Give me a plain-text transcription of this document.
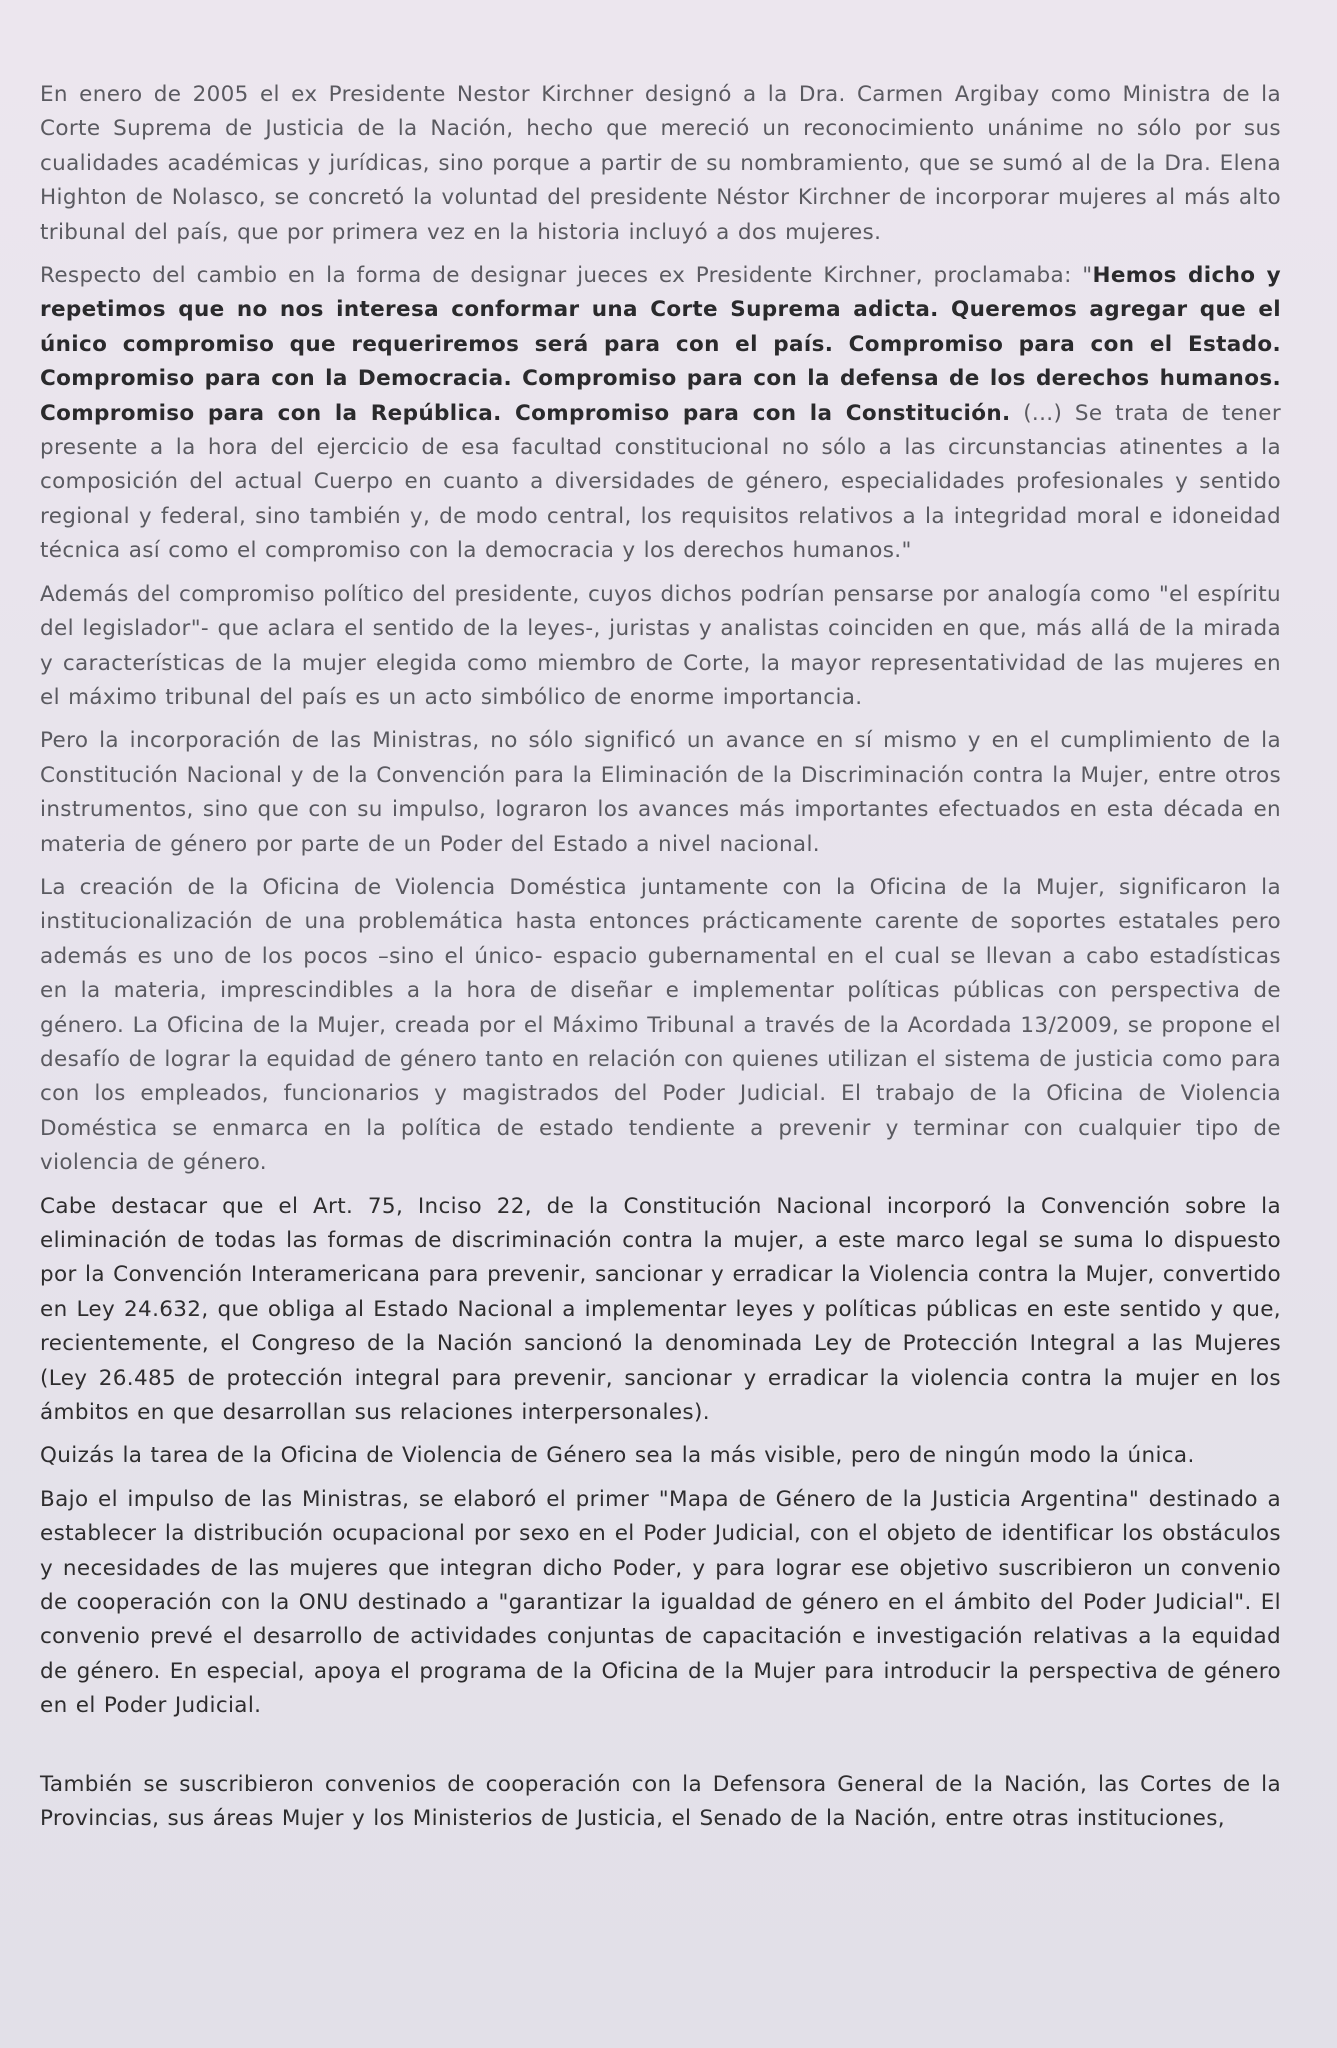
En enero de 2005 el ex Presidente Nestor Kirchner designó a la Dra. Carmen Argibay como Ministra de la Corte Suprema de Justicia de la Nación, hecho que mereció un reconocimiento unánime no sólo por sus cualidades académicas y jurídicas, sino porque a partir de su nombramiento, que se sumó al de la Dra. Elena Highton de Nolasco, se concretó la voluntad del presidente Néstor Kirchner de incorporar mujeres al más alto tribunal del país, que por primera vez en la historia incluyó a dos mujeres.

Respecto del cambio en la forma de designar jueces ex Presidente Kirchner, proclamaba: "Hemos dicho y repetimos que no nos interesa conformar una Corte Suprema adicta. Queremos agregar que el único compromiso que requeriremos será para con el país. Compromiso para con el Estado. Compromiso para con la Democracia. Compromiso para con la defensa de los derechos humanos. Compromiso para con la República. Compromiso para con la Constitución. (...) Se trata de tener presente a la hora del ejercicio de esa facultad constitucional no sólo a las circunstancias atinentes a la composición del actual Cuerpo en cuanto a diversidades de género, especialidades profesionales y sentido regional y federal, sino también y, de modo central, los requisitos relativos a la integridad moral e idoneidad técnica así como el compromiso con la democracia y los derechos humanos."

Además del compromiso político del presidente, cuyos dichos podrían pensarse por analogía como "el espíritu del legislador"- que aclara el sentido de la leyes-, juristas y analistas coinciden en que, más allá de la mirada y características de la mujer elegida como miembro de Corte, la mayor representatividad de las mujeres en el máximo tribunal del país es un acto simbólico de enorme importancia.

Pero la incorporación de las Ministras, no sólo significó un avance en sí mismo y en el cumplimiento de la Constitución Nacional y de la Convención para la Eliminación de la Discriminación contra la Mujer, entre otros instrumentos, sino que con su impulso, lograron los avances más importantes efectuados en esta década en materia de género por parte de un Poder del Estado a nivel nacional.

La creación de la Oficina de Violencia Doméstica juntamente con la Oficina de la Mujer, significaron la institucionalización de una problemática hasta entonces prácticamente carente de soportes estatales pero además es uno de los pocos –sino el único- espacio gubernamental en el cual se llevan a cabo estadísticas en la materia, imprescindibles a la hora de diseñar e implementar políticas públicas con perspectiva de género. La Oficina de la Mujer, creada por el Máximo Tribunal a través de la Acordada 13/2009, se propone el desafío de lograr la equidad de género tanto en relación con quienes utilizan el sistema de justicia como para con los empleados, funcionarios y magistrados del Poder Judicial. El trabajo de la Oficina de Violencia Doméstica se enmarca en la política de estado tendiente a prevenir y terminar con cualquier tipo de violencia de género.

Cabe destacar que el Art. 75, Inciso 22, de la Constitución Nacional incorporó la Convención sobre la eliminación de todas las formas de discriminación contra la mujer, a este marco legal se suma lo dispuesto por la Convención Interamericana para prevenir, sancionar y erradicar la Violencia contra la Mujer, convertido en Ley 24.632, que obliga al Estado Nacional a implementar leyes y políticas públicas en este sentido y que, recientemente, el Congreso de la Nación sancionó la denominada Ley de Protección Integral a las Mujeres (Ley 26.485 de protección integral para prevenir, sancionar y erradicar la violencia contra la mujer en los ámbitos en que desarrollan sus relaciones interpersonales).

Quizás la tarea de la Oficina de Violencia de Género sea la más visible, pero de ningún modo la única.

Bajo el impulso de las Ministras, se elaboró el primer "Mapa de Género de la Justicia Argentina" destinado a establecer la distribución ocupacional por sexo en el Poder Judicial, con el objeto de identificar los obstáculos y necesidades de las mujeres que integran dicho Poder, y para lograr ese objetivo suscribieron un convenio de cooperación con la ONU destinado a "garantizar la igualdad de género en el ámbito del Poder Judicial". El convenio prevé el desarrollo de actividades conjuntas de capacitación e investigación relativas a la equidad de género. En especial, apoya el programa de la Oficina de la Mujer para introducir la perspectiva de género en el Poder Judicial.

También se suscribieron convenios de cooperación con la Defensora General de la Nación, las Cortes de la Provincias, sus áreas Mujer y los Ministerios de Justicia, el Senado de la Nación, entre otras instituciones,
